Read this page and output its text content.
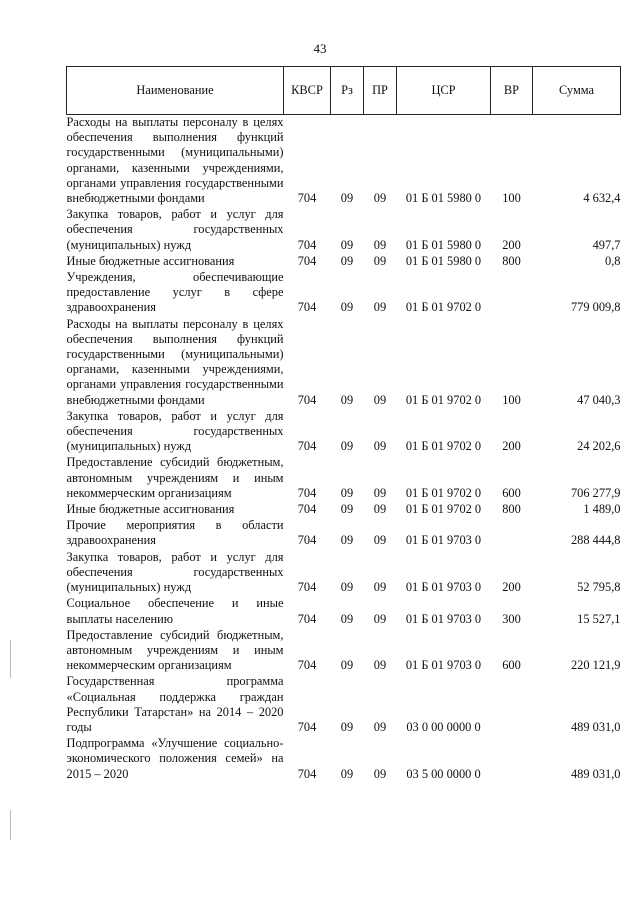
43
Наименование	КВСР	Рз	ПР	ЦСР	ВР	Сумма
Расходы на выплаты персоналу в целях обеспечения выполнения функций государственными (муниципальными) органами, казенными учреждениями, органами управления государственными внебюджетными фондами	704	09	09	01 Б 01 5980 0	100	4 632,4
Закупка товаров, работ и услуг для обеспечения государственных (муниципальных) нужд	704	09	09	01 Б 01 5980 0	200	497,7
Иные бюджетные ассигнования	704	09	09	01 Б 01 5980 0	800	0,8
Учреждения, обеспечивающие предоставление услуг в сфере здравоохранения	704	09	09	01 Б 01 9702 0		779 009,8
Расходы на выплаты персоналу в целях обеспечения выполнения функций государственными (муниципальными) органами, казенными учреждениями, органами управления государственными внебюджетными фондами	704	09	09	01 Б 01 9702 0	100	47 040,3
Закупка товаров, работ и услуг для обеспечения государственных (муниципальных) нужд	704	09	09	01 Б 01 9702 0	200	24 202,6
Предоставление субсидий бюджетным, автономным учреждениям и иным некоммерческим организациям	704	09	09	01 Б 01 9702 0	600	706 277,9
Иные бюджетные ассигнования	704	09	09	01 Б 01 9702 0	800	1 489,0
Прочие мероприятия в области здравоохранения	704	09	09	01 Б 01 9703 0		288 444,8
Закупка товаров, работ и услуг для обеспечения государственных (муниципальных) нужд	704	09	09	01 Б 01 9703 0	200	52 795,8
Социальное обеспечение и иные выплаты населению	704	09	09	01 Б 01 9703 0	300	15 527,1
Предоставление субсидий бюджетным, автономным учреждениям и иным некоммерческим организациям	704	09	09	01 Б 01 9703 0	600	220 121,9
Государственная программа «Социальная поддержка граждан Республики Татарстан» на 2014 – 2020 годы	704	09	09	03 0 00 0000 0		489 031,0
Подпрограмма «Улучшение социально-экономического положения семей» на 2015 – 2020	704	09	09	03 5 00 0000 0		489 031,0
